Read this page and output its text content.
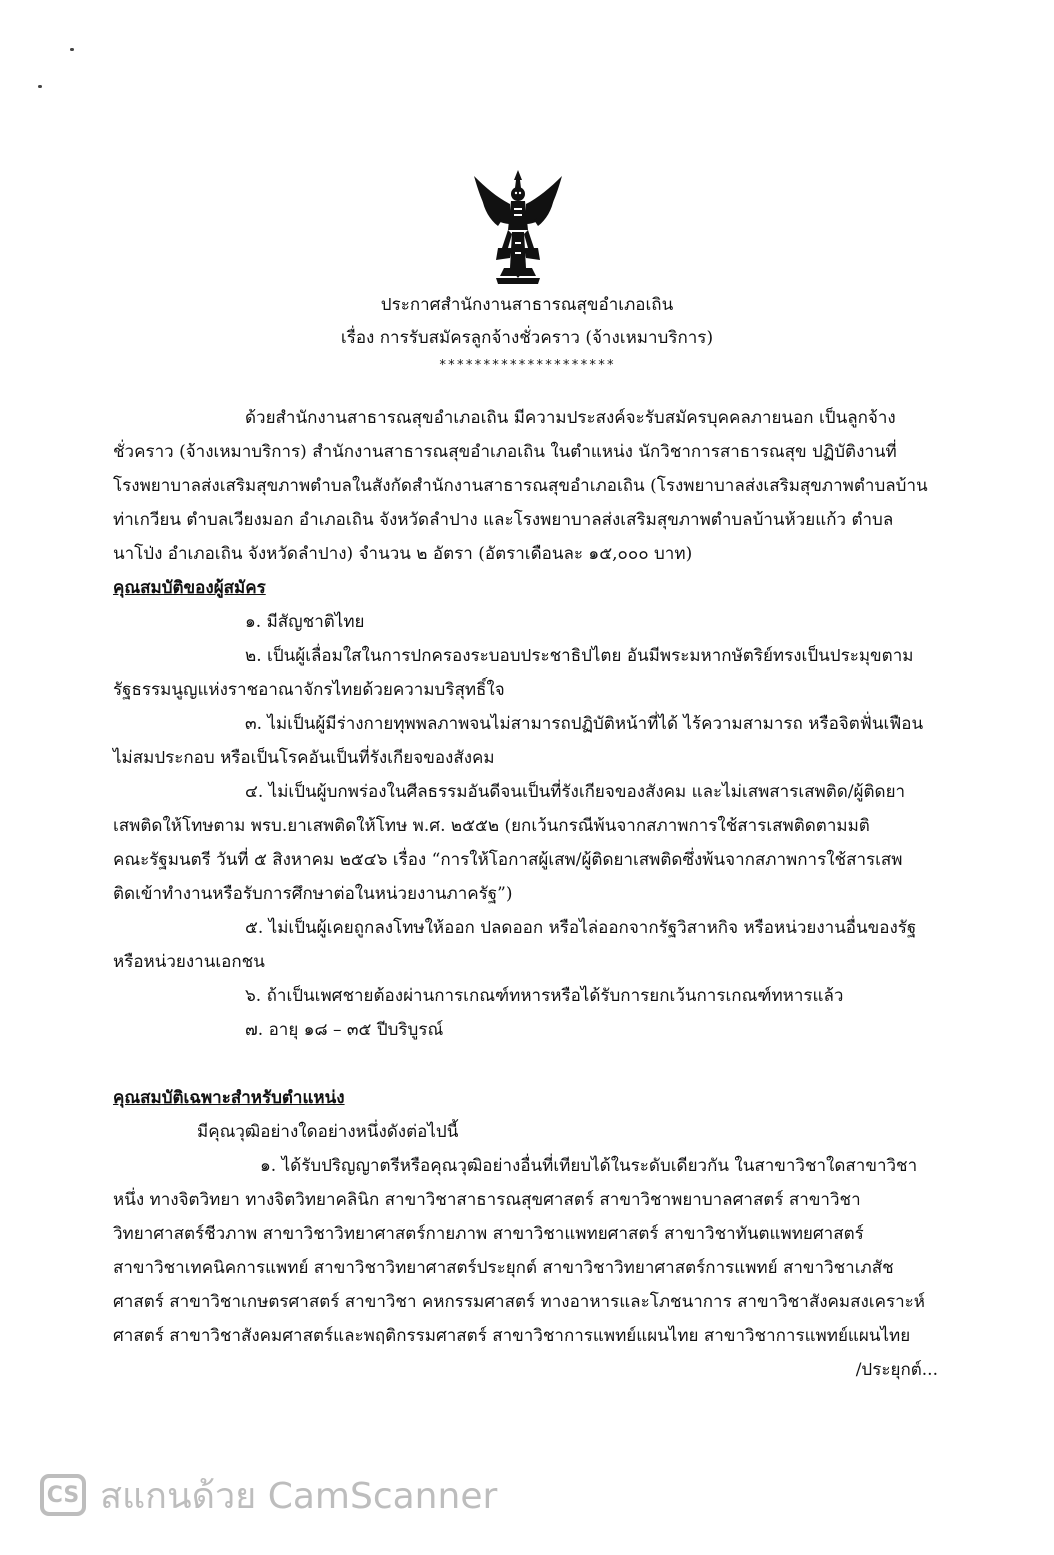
ประกาศสำนักงานสาธารณสุขอำเภอเถิน
เรื่อง การรับสมัครลูกจ้างชั่วคราว (จ้างเหมาบริการ)
********************
ด้วยสำนักงานสาธารณสุขอำเภอเถิน มีความประสงค์จะรับสมัครบุคคลภายนอก เป็นลูกจ้าง
ชั่วคราว (จ้างเหมาบริการ) สำนักงานสาธารณสุขอำเภอเถิน ในตำแหน่ง นักวิชาการสาธารณสุข ปฏิบัติงานที่
โรงพยาบาลส่งเสริมสุขภาพตำบลในสังกัดสำนักงานสาธารณสุขอำเภอเถิน (โรงพยาบาลส่งเสริมสุขภาพตำบลบ้าน
ท่าเกวียน ตำบลเวียงมอก อำเภอเถิน จังหวัดลำปาง และโรงพยาบาลส่งเสริมสุขภาพตำบลบ้านห้วยแก้ว ตำบล
นาโป่ง อำเภอเถิน จังหวัดลำปาง) จำนวน ๒ อัตรา (อัตราเดือนละ ๑๕,๐๐๐ บาท)
คุณสมบัติของผู้สมัคร
๑. มีสัญชาติไทย
๒. เป็นผู้เลื่อมใสในการปกครองระบอบประชาธิปไตย อันมีพระมหากษัตริย์ทรงเป็นประมุขตาม
รัฐธรรมนูญแห่งราชอาณาจักรไทยด้วยความบริสุทธิ์ใจ
๓. ไม่เป็นผู้มีร่างกายทุพพลภาพจนไม่สามารถปฏิบัติหน้าที่ได้ ไร้ความสามารถ หรือจิตฟั่นเฟือน
ไม่สมประกอบ หรือเป็นโรคอันเป็นที่รังเกียจของสังคม
๔. ไม่เป็นผู้บกพร่องในศีลธรรมอันดีจนเป็นที่รังเกียจของสังคม และไม่เสพสารเสพติด/ผู้ติดยา
เสพติดให้โทษตาม พรบ.ยาเสพติดให้โทษ พ.ศ. ๒๕๕๒ (ยกเว้นกรณีพ้นจากสภาพการใช้สารเสพติดตามมติ
คณะรัฐมนตรี วันที่ ๕ สิงหาคม ๒๕๔๖ เรื่อง “การให้โอกาสผู้เสพ/ผู้ติดยาเสพติดซึ่งพ้นจากสภาพการใช้สารเสพ
ติดเข้าทำงานหรือรับการศึกษาต่อในหน่วยงานภาครัฐ”)
๕. ไม่เป็นผู้เคยถูกลงโทษให้ออก ปลดออก หรือไล่ออกจากรัฐวิสาหกิจ หรือหน่วยงานอื่นของรัฐ
หรือหน่วยงานเอกชน
๖. ถ้าเป็นเพศชายต้องผ่านการเกณฑ์ทหารหรือได้รับการยกเว้นการเกณฑ์ทหารแล้ว
๗. อายุ ๑๘ – ๓๕ ปีบริบูรณ์
คุณสมบัติเฉพาะสำหรับตำแหน่ง
มีคุณวุฒิอย่างใดอย่างหนึ่งดังต่อไปนี้
๑. ได้รับปริญญาตรีหรือคุณวุฒิอย่างอื่นที่เทียบได้ในระดับเดียวกัน ในสาขาวิชาใดสาขาวิชา
หนึ่ง ทางจิตวิทยา ทางจิตวิทยาคลินิก สาขาวิชาสาธารณสุขศาสตร์ สาขาวิชาพยาบาลศาสตร์ สาขาวิชา
วิทยาศาสตร์ชีวภาพ สาขาวิชาวิทยาศาสตร์กายภาพ สาขาวิชาแพทยศาสตร์ สาขาวิชาทันตแพทยศาสตร์
สาขาวิชาเทคนิคการแพทย์ สาขาวิชาวิทยาศาสตร์ประยุกต์ สาขาวิชาวิทยาศาสตร์การแพทย์ สาขาวิชาเภสัช
ศาสตร์ สาขาวิชาเกษตรศาสตร์ สาขาวิชา คหกรรมศาสตร์ ทางอาหารและโภชนาการ สาขาวิชาสังคมสงเคราะห์
ศาสตร์ สาขาวิชาสังคมศาสตร์และพฤติกรรมศาสตร์ สาขาวิชาการแพทย์แผนไทย สาขาวิชาการแพทย์แผนไทย
/ประยุกต์...
CS สแกนด้วย CamScanner
